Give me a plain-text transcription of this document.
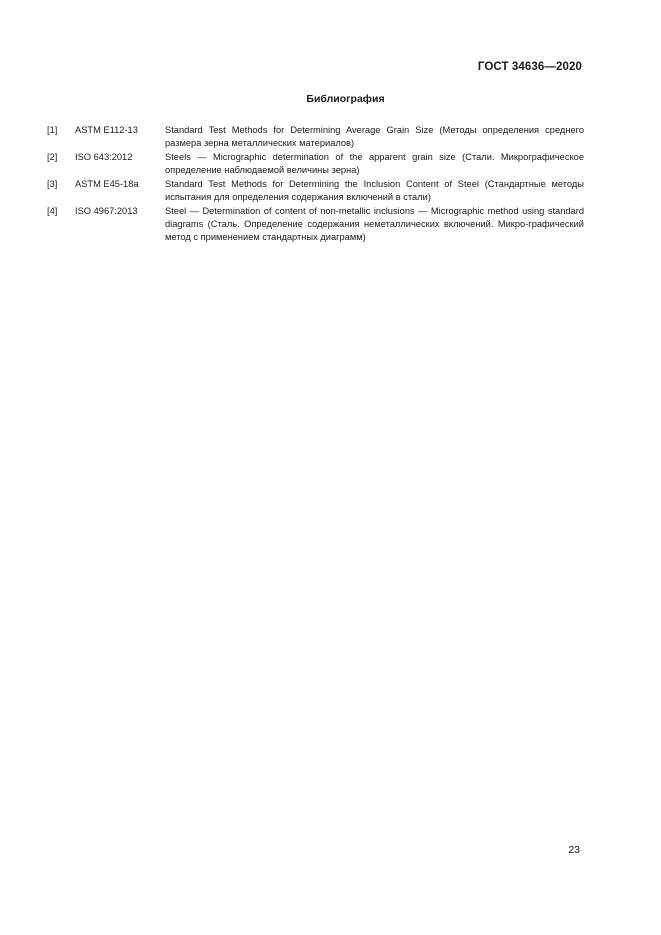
ГОСТ 34636—2020
Библиография
[1]	ASTM E112-13	Standard Test Methods for Determining Average Grain Size (Методы определения среднего размера зерна металлических материалов)
[2]	ISO 643:2012	Steels — Micrographic determination of the apparent grain size (Стали. Микрографическое определение наблюдаемой величины зерна)
[3]	ASTM E45-18a	Standard Test Methods for Determining the Inclusion Content of Steel (Стандартные методы испытания для определения содержания включений в стали)
[4]	ISO 4967:2013	Steel — Determination of content of non-metallic inclusions — Micrographic method using standard diagrams (Сталь. Определение содержания неметаллических включений. Микро-графический метод с применением стандартных диаграмм)
23
